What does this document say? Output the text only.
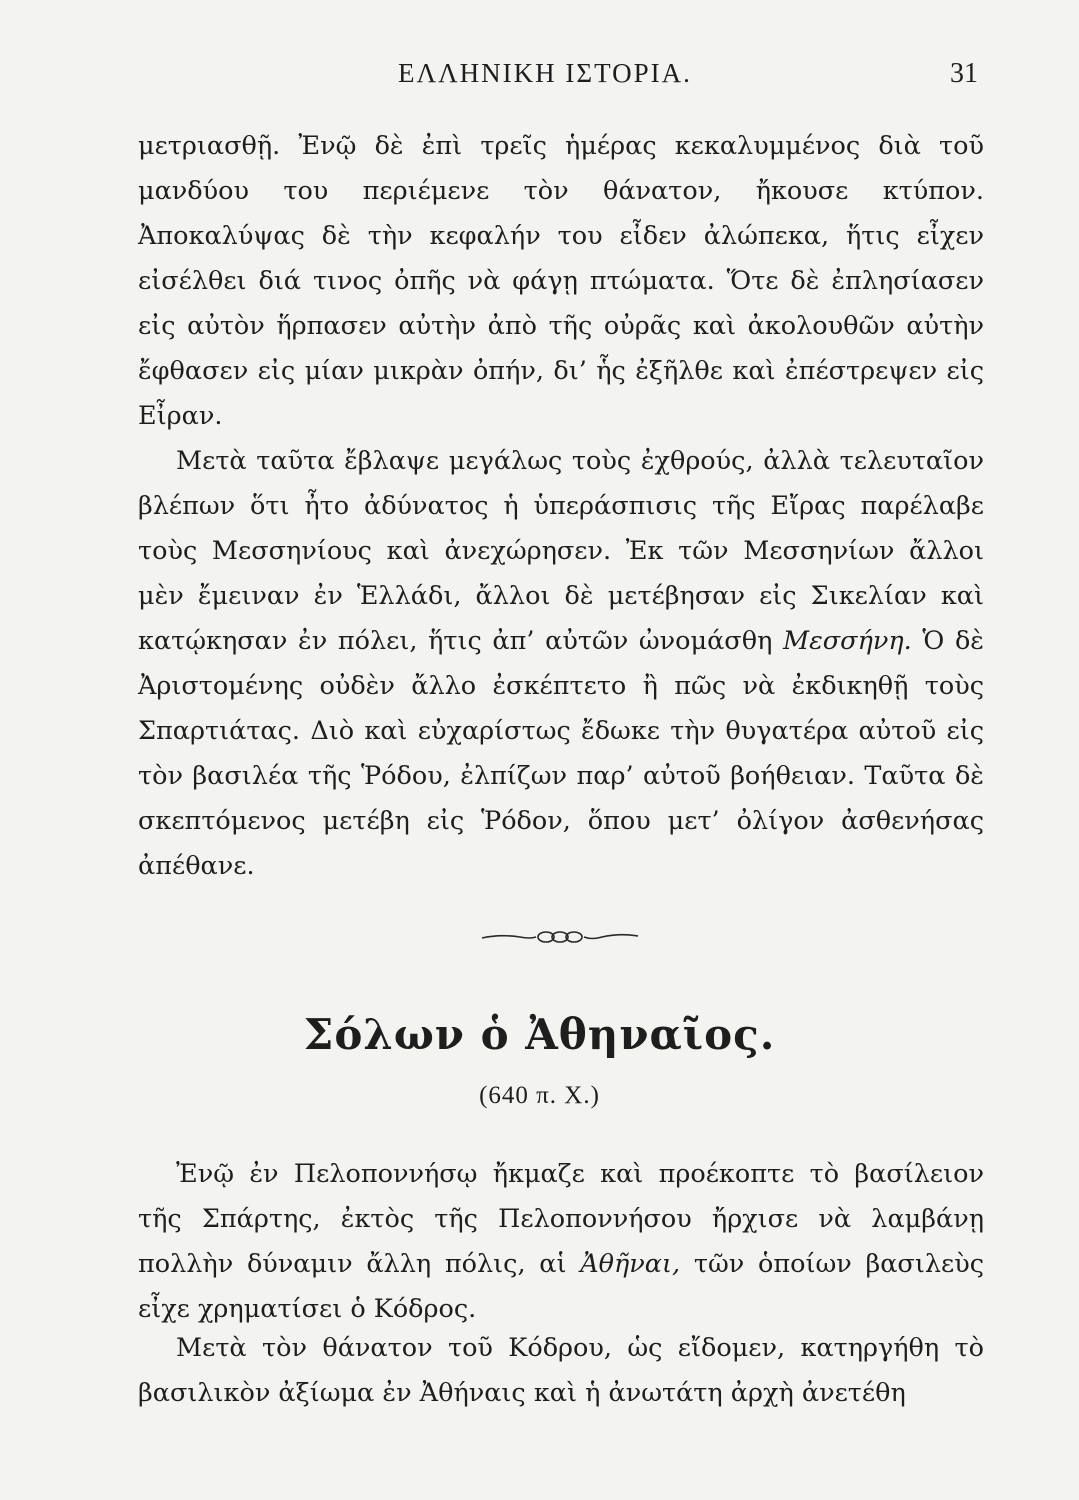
ΕΛΛΗΝΙΚΗ ΙΣΤΟΡΙΑ.	31

μετριασθῇ. Ἐνῷ δὲ ἐπὶ τρεῖς ἡμέρας κεκαλυμμένος διὰ τοῦ μανδύου του περιέμενε τὸν θάνατον, ἤκουσε κτύπον. Ἀποκαλύψας δὲ τὴν κεφαλήν του εἶδεν ἀλώπεκα, ἥτις εἶχεν εἰσέλθει διά τινος ὀπῆς νὰ φάγῃ πτώματα. Ὅτε δὲ ἐπλησίασεν εἰς αὐτὸν ἥρπασεν αὐτὴν ἀπὸ τῆς οὐρᾶς καὶ ἀκολουθῶν αὐτὴν ἔφθασεν εἰς μίαν μικρὰν ὀπήν, δι’ ἧς ἐξῆλθε καὶ ἐπέστρεψεν εἰς Εἶραν.

Μετὰ ταῦτα ἔβλαψε μεγάλως τοὺς ἐχθρούς, ἀλλὰ τελευταῖον βλέπων ὅτι ἦτο ἀδύνατος ἡ ὑπεράσπισις τῆς Εἴρας παρέλαβε τοὺς Μεσσηνίους καὶ ἀνεχώρησεν. Ἐκ τῶν Μεσσηνίων ἄλλοι μὲν ἔμειναν ἐν Ἑλλάδι, ἄλλοι δὲ μετέβησαν εἰς Σικελίαν καὶ κατῴκησαν ἐν πόλει, ἥτις ἀπ’ αὐτῶν ὠνομάσθη Μεσσήνη. Ὁ δὲ Ἀριστομένης οὐδὲν ἄλλο ἐσκέπτετο ἢ πῶς νὰ ἐκδικηθῇ τοὺς Σπαρτιάτας. Διὸ καὶ εὐχαρίστως ἔδωκε τὴν θυγατέρα αὐτοῦ εἰς τὸν βασιλέα τῆς Ῥόδου, ἐλπίζων παρ’ αὐτοῦ βοήθειαν. Ταῦτα δὲ σκεπτόμενος μετέβη εἰς Ῥόδον, ὅπου μετ’ ὀλίγον ἀσθενήσας ἀπέθανε.

Σόλων ὁ Ἀθηναῖος.
(640 π. Χ.)

Ἐνῷ ἐν Πελοποννήσῳ ἤκμαζε καὶ προέκοπτε τὸ βασίλειον τῆς Σπάρτης, ἐκτὸς τῆς Πελοποννήσου ἤρχισε νὰ λαμβάνῃ πολλὴν δύναμιν ἄλλη πόλις, αἱ Ἀθῆναι, τῶν ὁποίων βασιλεὺς εἶχε χρηματίσει ὁ Κόδρος.

Μετὰ τὸν θάνατον τοῦ Κόδρου, ὡς εἴδομεν, κατηργήθη τὸ βασιλικὸν ἀξίωμα ἐν Ἀθήναις καὶ ἡ ἀνωτάτη ἀρχὴ ἀνετέθη
